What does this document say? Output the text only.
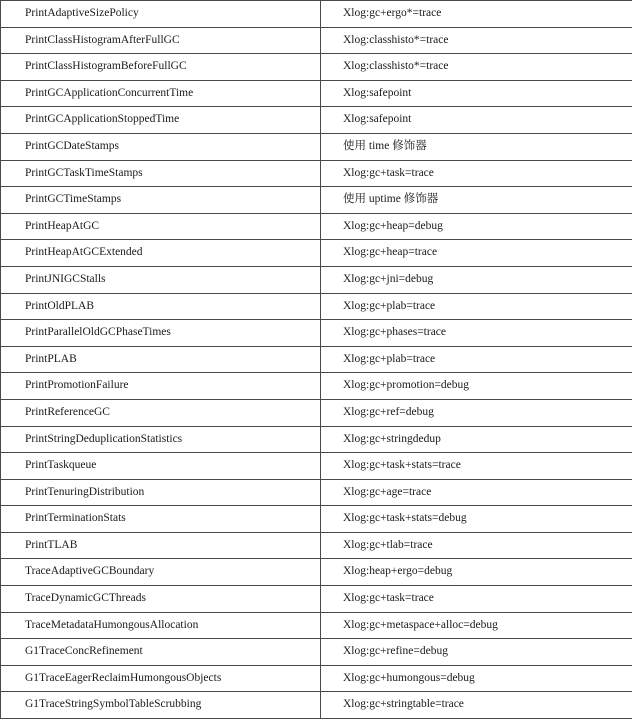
PrintAdaptiveSizePolicy	Xlog:gc+ergo*=trace
PrintClassHistogramAfterFullGC	Xlog:classhisto*=trace
PrintClassHistogramBeforeFullGC	Xlog:classhisto*=trace
PrintGCApplicationConcurrentTime	Xlog:safepoint
PrintGCApplicationStoppedTime	Xlog:safepoint
PrintGCDateStamps	使用 time 修饰器
PrintGCTaskTimeStamps	Xlog:gc+task=trace
PrintGCTimeStamps	使用 uptime 修饰器
PrintHeapAtGC	Xlog:gc+heap=debug
PrintHeapAtGCExtended	Xlog:gc+heap=trace
PrintJNIGCStalls	Xlog:gc+jni=debug
PrintOldPLAB	Xlog:gc+plab=trace
PrintParallelOldGCPhaseTimes	Xlog:gc+phases=trace
PrintPLAB	Xlog:gc+plab=trace
PrintPromotionFailure	Xlog:gc+promotion=debug
PrintReferenceGC	Xlog:gc+ref=debug
PrintStringDeduplicationStatistics	Xlog:gc+stringdedup
PrintTaskqueue	Xlog:gc+task+stats=trace
PrintTenuringDistribution	Xlog:gc+age=trace
PrintTerminationStats	Xlog:gc+task+stats=debug
PrintTLAB	Xlog:gc+tlab=trace
TraceAdaptiveGCBoundary	Xlog:heap+ergo=debug
TraceDynamicGCThreads	Xlog:gc+task=trace
TraceMetadataHumongousAllocation	Xlog:gc+metaspace+alloc=debug
G1TraceConcRefinement	Xlog:gc+refine=debug
G1TraceEagerReclaimHumongousObjects	Xlog:gc+humongous=debug
G1TraceStringSymbolTableScrubbing	Xlog:gc+stringtable=trace
